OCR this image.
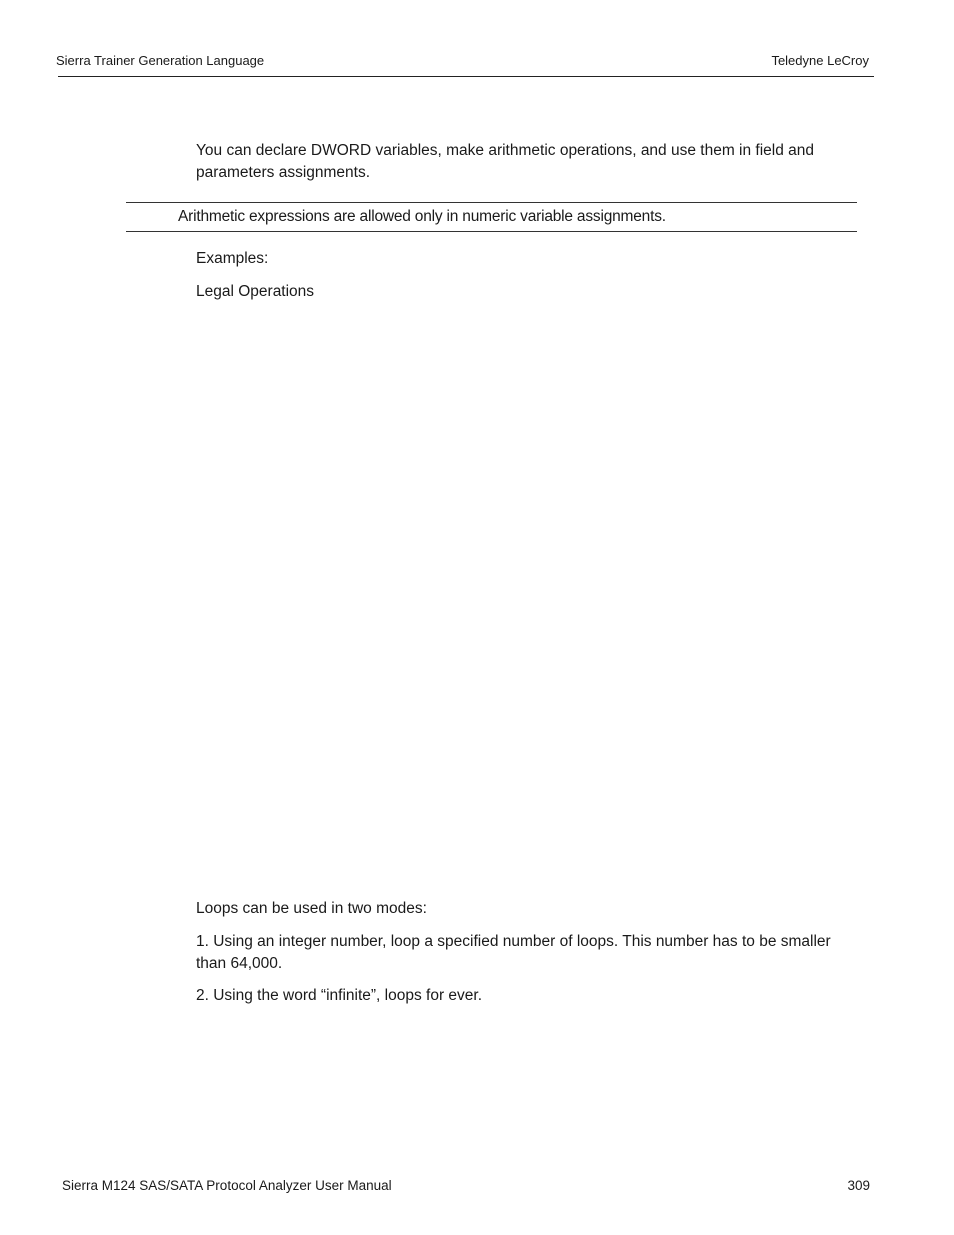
Sierra Trainer Generation Language	Teledyne LeCroy

You can declare DWORD variables, make arithmetic operations, and use them in field and parameters assignments.

Arithmetic expressions are allowed only in numeric variable assignments.

Examples:

Legal Operations

Loops can be used in two modes:

1. Using an integer number, loop a specified number of loops. This number has to be smaller than 64,000.

2. Using the word “infinite”, loops for ever.

Sierra M124 SAS/SATA Protocol Analyzer User Manual	309
